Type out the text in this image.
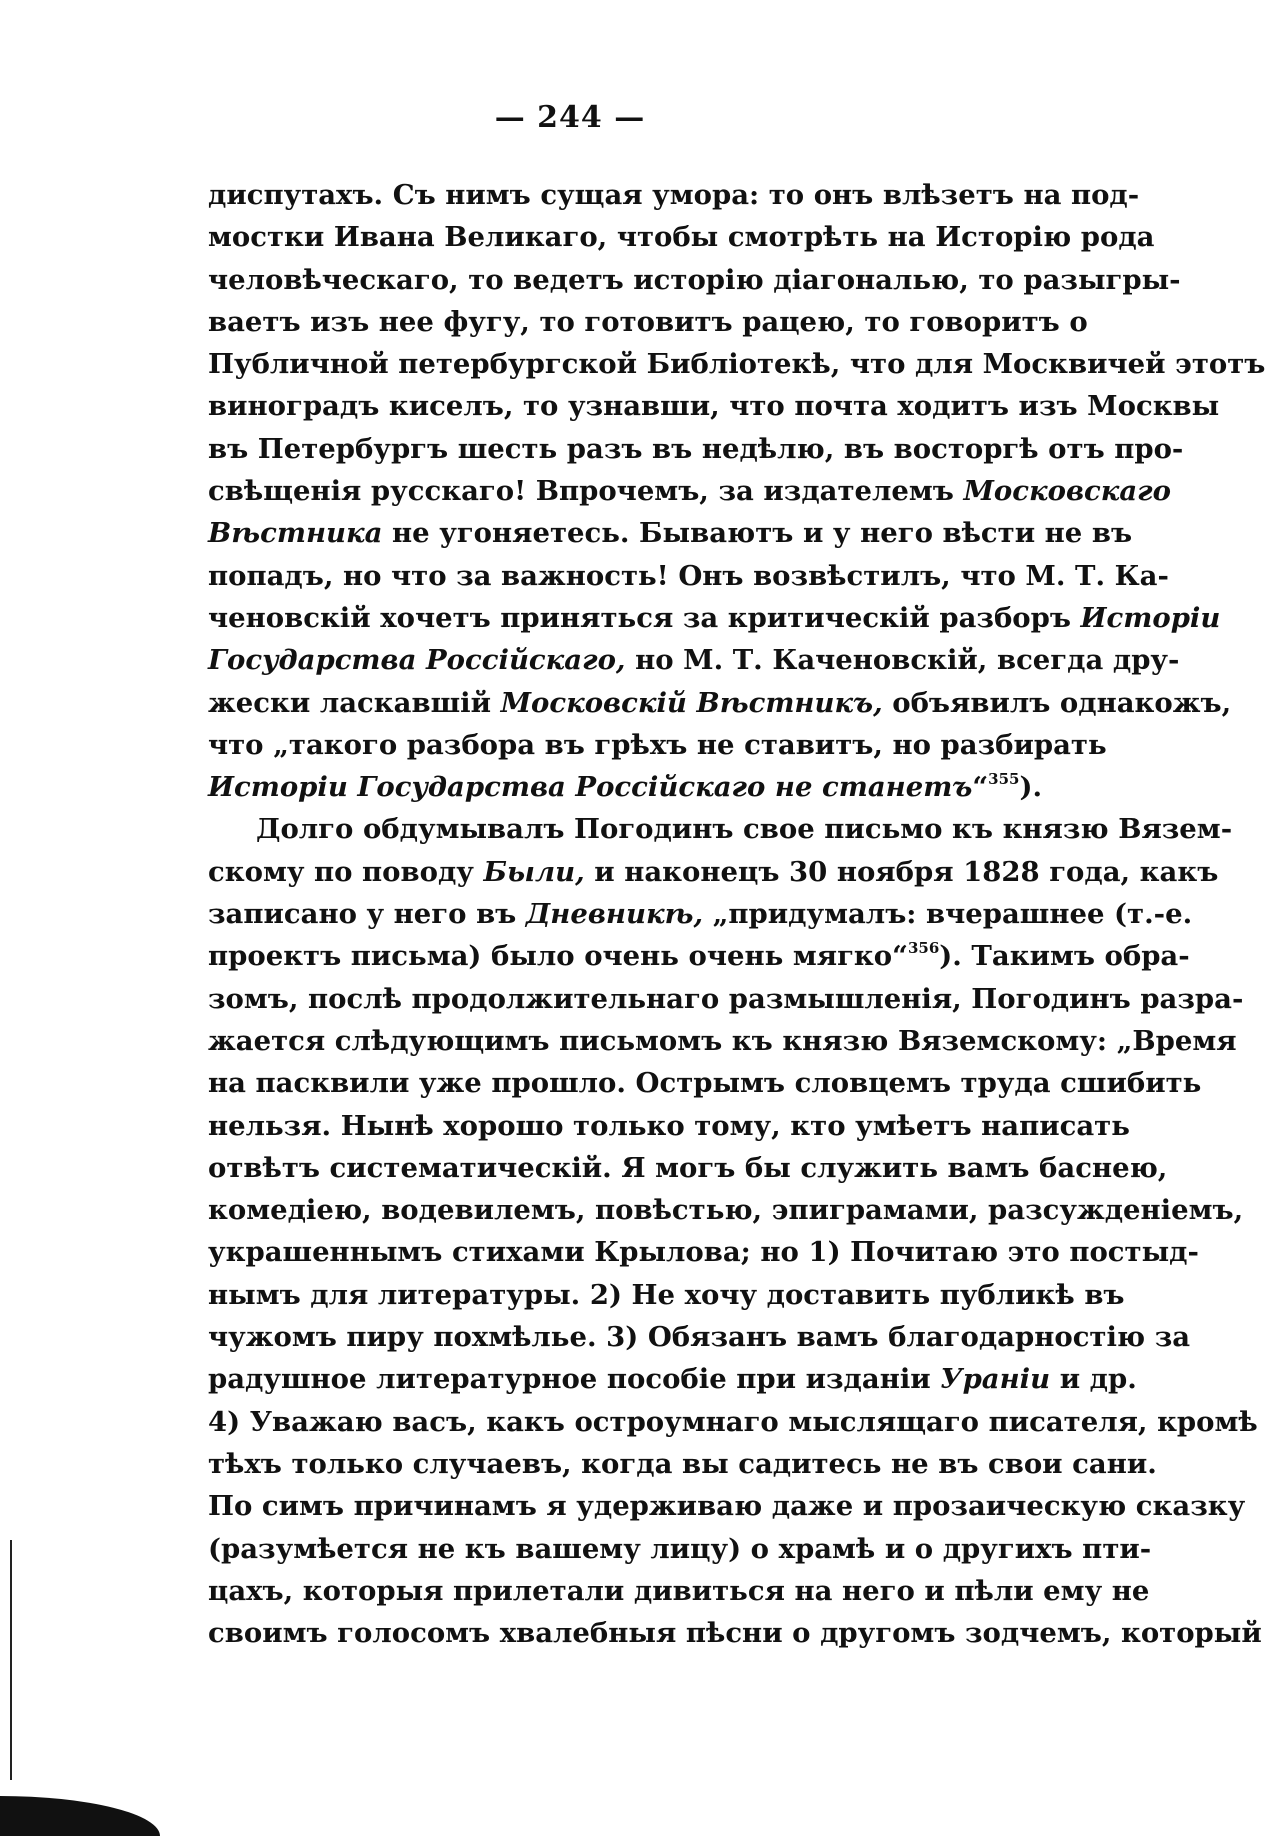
— 244 —
диспутахъ. Съ нимъ сущая умора: то онъ влѣзетъ на под-
мостки Ивана Великаго, чтобы смотрѣть на Исторію рода
человѣческаго, то ведетъ исторію діагональю, то разыгры-
ваетъ изъ нее фугу, то готовитъ рацею, то говоритъ о
Публичной петербургской Библіотекѣ, что для Москвичей этотъ
виноградъ киселъ, то узнавши, что почта ходитъ изъ Москвы
въ Петербургъ шесть разъ въ недѣлю, въ восторгѣ отъ про-
свѣщенія русскаго! Впрочемъ, за издателемъ Московскаго
Вѣстника не угоняетесь. Бываютъ и у него вѣсти не въ
попадъ, но что за важность! Онъ возвѣстилъ, что М. Т. Ка-
ченовскій хочетъ приняться за критическій разборъ Исторіи
Государства Россійскаго, но М. Т. Каченовскій, всегда дру-
жески ласкавшій Московскій Вѣстникъ, объявилъ однакожъ,
что „такого разбора въ грѣхъ не ставитъ, но разбирать
Исторіи Государства Россійскаго не станетъ“$^{355}$).
Долго обдумывалъ Погодинъ свое письмо къ князю Вязем-
скому по поводу Были, и наконецъ 30 ноября 1828 года, какъ
записано у него въ Дневникѣ, „придумалъ: вчерашнее (т.-е.
проектъ письма) было очень очень мягко“$^{356}$). Такимъ обра-
зомъ, послѣ продолжительнаго размышленія, Погодинъ разра-
жается слѣдующимъ письмомъ къ князю Вяземскому: „Время
на пасквили уже прошло. Острымъ словцемъ труда сшибить
нельзя. Нынѣ хорошо только тому, кто умѣетъ написать
отвѣтъ систематическій. Я могъ бы служить вамъ баснею,
комедіею, водевилемъ, повѣстью, эпиграмами, разсужденіемъ,
украшеннымъ стихами Крылова; но 1) Почитаю это постыд-
нымъ для литературы. 2) Не хочу доставить публикѣ въ
чужомъ пиру похмѣлье. 3) Обязанъ вамъ благодарностію за
радушное литературное пособіе при изданіи Ураніи и др.
4) Уважаю васъ, какъ остроумнаго мыслящаго писателя, кромѣ
тѣхъ только случаевъ, когда вы садитесь не въ свои сани.
По симъ причинамъ я удерживаю даже и прозаическую сказку
(разумѣется не къ вашему лицу) о храмѣ и о другихъ пти-
цахъ, которыя прилетали дивиться на него и пѣли ему не
своимъ голосомъ хвалебныя пѣсни о другомъ зодчемъ, который
